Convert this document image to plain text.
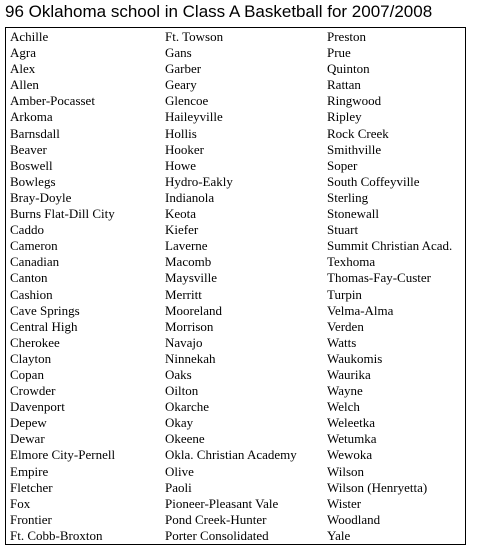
96 Oklahoma school in Class A Basketball for 2007/2008
Achille
Agra
Alex
Allen
Amber-Pocasset
Arkoma
Barnsdall
Beaver
Boswell
Bowlegs
Bray-Doyle
Burns Flat-Dill City
Caddo
Cameron
Canadian
Canton
Cashion
Cave Springs
Central High
Cherokee
Clayton
Copan
Crowder
Davenport
Depew
Dewar
Elmore City-Pernell
Empire
Fletcher
Fox
Frontier
Ft. Cobb-Broxton
Ft. Towson
Gans
Garber
Geary
Glencoe
Haileyville
Hollis
Hooker
Howe
Hydro-Eakly
Indianola
Keota
Kiefer
Laverne
Macomb
Maysville
Merritt
Mooreland
Morrison
Navajo
Ninnekah
Oaks
Oilton
Okarche
Okay
Okeene
Okla. Christian Academy
Olive
Paoli
Pioneer-Pleasant Vale
Pond Creek-Hunter
Porter Consolidated
Preston
Prue
Quinton
Rattan
Ringwood
Ripley
Rock Creek
Smithville
Soper
South Coffeyville
Sterling
Stonewall
Stuart
Summit Christian Acad.
Texhoma
Thomas-Fay-Custer
Turpin
Velma-Alma
Verden
Watts
Waukomis
Waurika
Wayne
Welch
Weleetka
Wetumka
Wewoka
Wilson
Wilson (Henryetta)
Wister
Woodland
Yale
